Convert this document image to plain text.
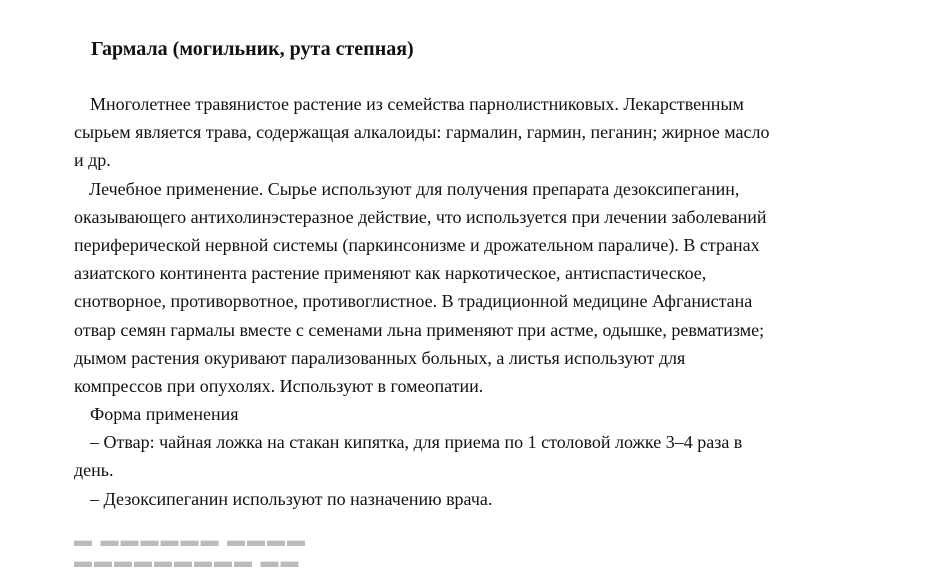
Гармала (могильник, рута степная)
Многолетнее травянистое растение из семейства парнолистниковых. Лекарственным
сырьем является трава, содержащая алкалоиды: гармалин, гармин, пеганин; жирное масло
и др.
Лечебное применение. Сырье используют для получения препарата дезоксипеганин,
оказывающего антихолинэстеразное действие, что используется при лечении заболеваний
периферической нервной системы (паркинсонизме и дрожательном параличе). В странах
азиатского континента растение применяют как наркотическое, антиспастическое,
снотворное, противорвотное, противоглистное. В традиционной медицине Афганистана
отвар семян гармалы вместе с семенами льна применяют при астме, одышке, ревматизме;
дымом растения окуривают парализованных больных, а листья используют для
компрессов при опухолях. Используют в гомеопатии.
Форма применения
– Отвар: чайная ложка на стакан кипятка, для приема по 1 столовой ложке 3–4 раза в
день.
– Дезоксипеганин используют по назначению врача.
▬ ▬▬▬▬▬▬ ▬▬▬▬ ▬▬▬▬▬▬▬▬▬ ▬▬
